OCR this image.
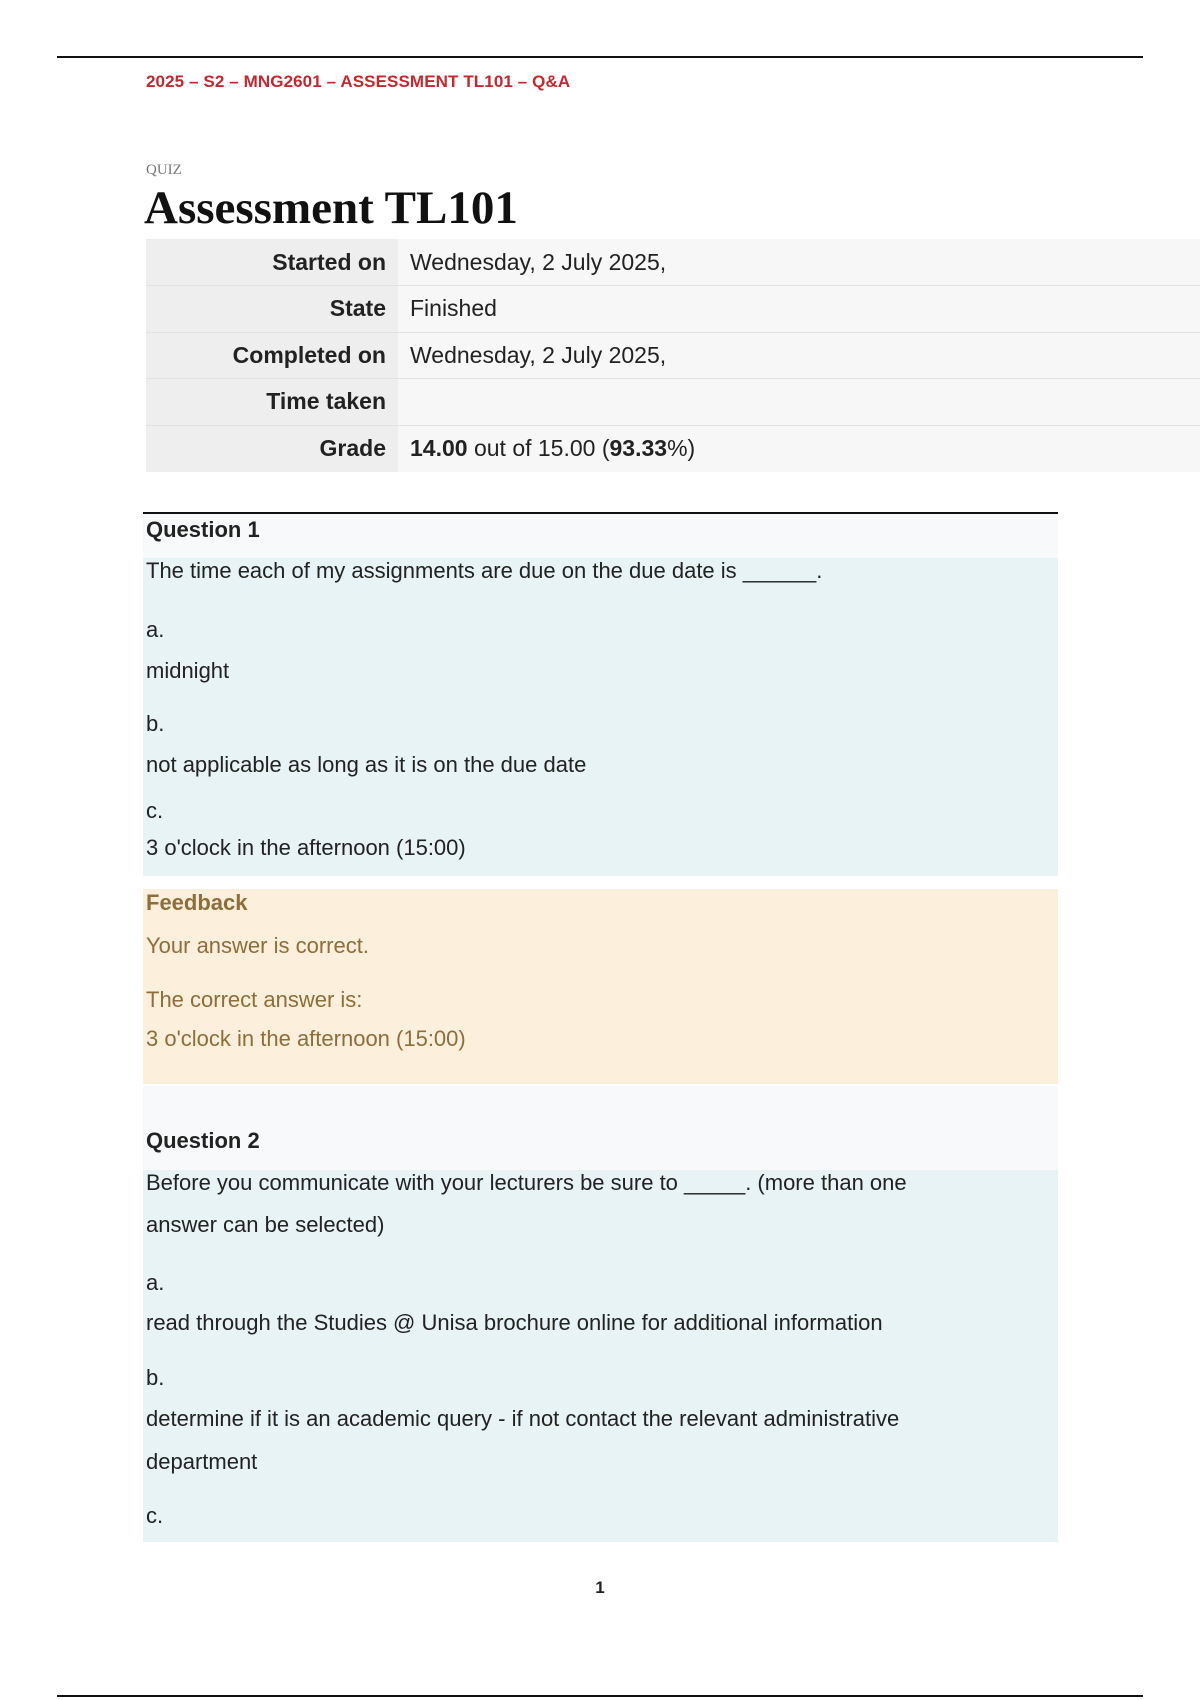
2025 – S2 – MNG2601 – ASSESSMENT TL101 – Q&A
QUIZ
Assessment TL101
Started on	Wednesday, 2 July 2025,
State	Finished
Completed on	Wednesday, 2 July 2025,
Time taken	
Grade	14.00 out of 15.00 (93.33%)
Question 1
The time each of my assignments are due on the due date is ______.
a.
midnight
b.
not applicable as long as it is on the due date
c.
3 o'clock in the afternoon (15:00)
Feedback
Your answer is correct.
The correct answer is:
3 o'clock in the afternoon (15:00)
Question 2
Before you communicate with your lecturers be sure to _____. (more than one
answer can be selected)
a.
read through the Studies @ Unisa brochure online for additional information
b.
determine if it is an academic query - if not contact the relevant administrative
department
c.
1
